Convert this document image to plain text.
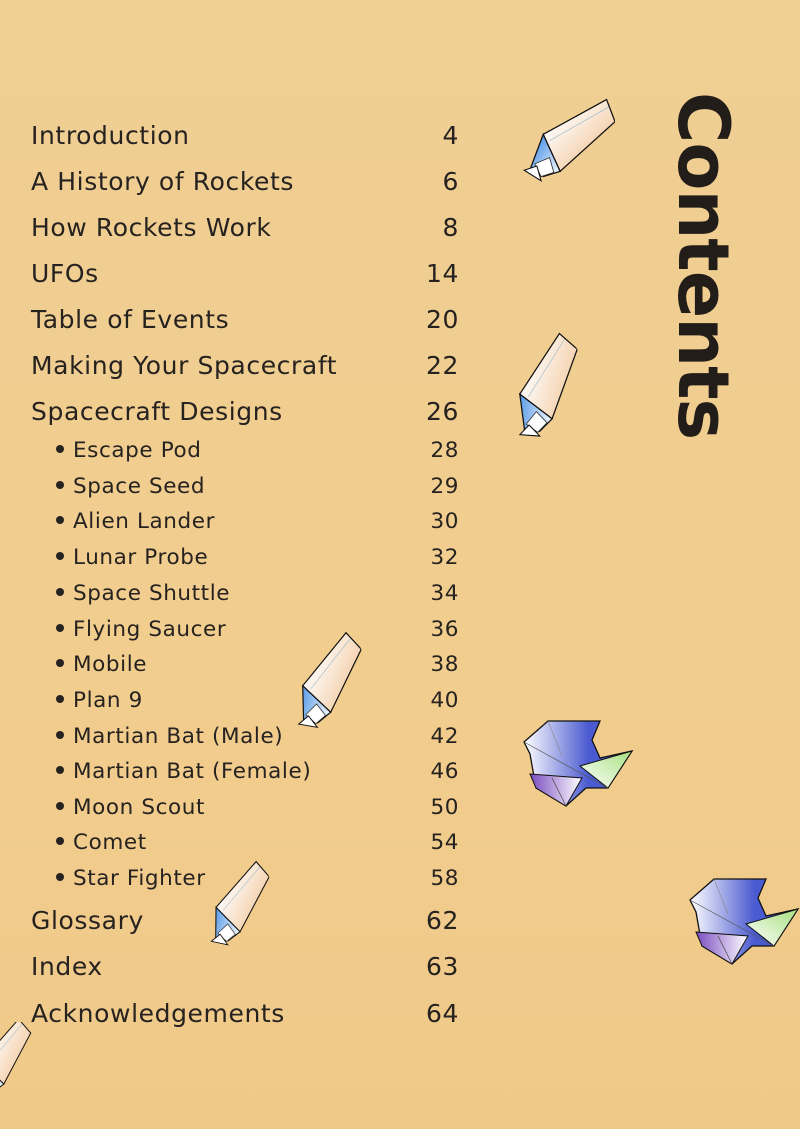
Contents
Introduction	4
A History of Rockets	6
How Rockets Work	8
UFOs	14
Table of Events	20
Making Your Spacecraft	22
Spacecraft Designs	26
Escape Pod	28
Space Seed	29
Alien Lander	30
Lunar Probe	32
Space Shuttle	34
Flying Saucer	36
Mobile	38
Plan 9	40
Martian Bat (Male)	42
Martian Bat (Female)	46
Moon Scout	50
Comet	54
Star Fighter	58
Glossary	62
Index	63
Acknowledgements	64
